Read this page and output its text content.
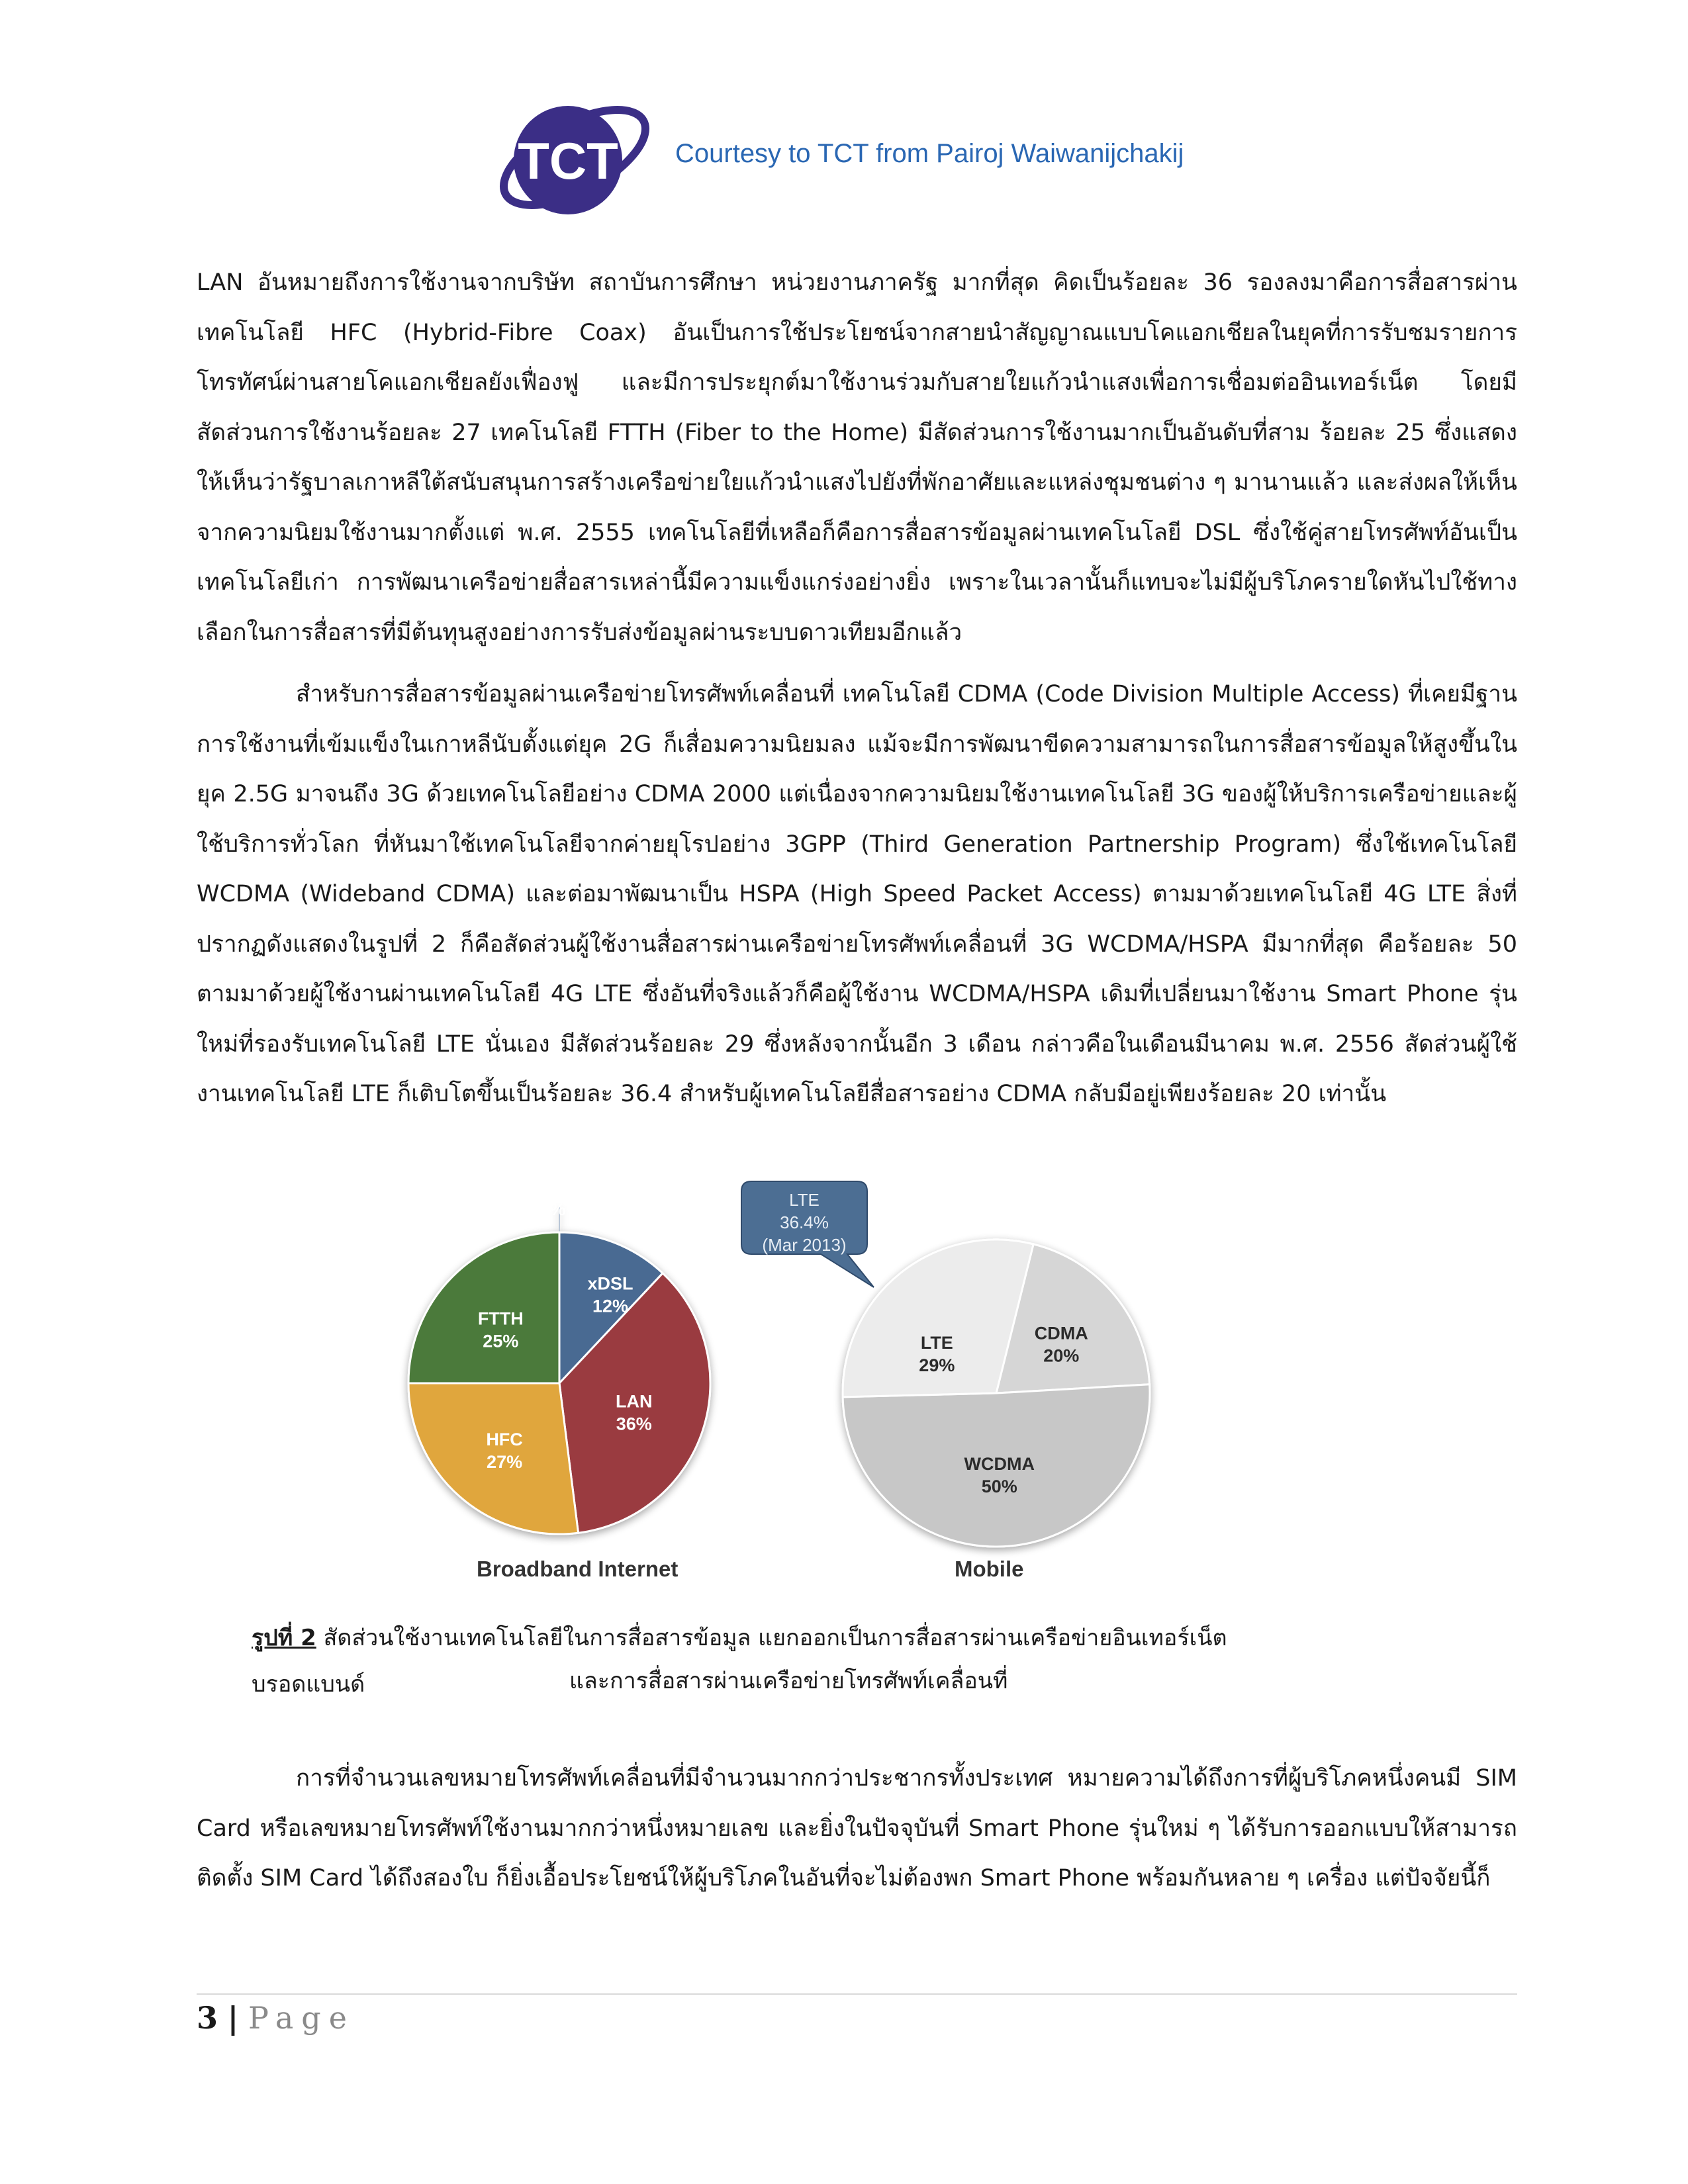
TCT Courtesy to TCT from Pairoj Waiwanijchakij

LAN อันหมายถึงการใช้งานจากบริษัท สถาบันการศึกษา หน่วยงานภาครัฐ มากที่สุด คิดเป็นร้อยละ 36 รองลงมาคือการสื่อสารผ่านเทคโนโลยี HFC (Hybrid-Fibre Coax) อันเป็นการใช้ประโยชน์จากสายนำสัญญาณแบบโคแอกเชียลในยุคที่การรับชมรายการโทรทัศน์ผ่านสายโคแอกเชียลยังเฟื่องฟู และมีการประยุกต์มาใช้งานร่วมกับสายใยแก้วนำแสงเพื่อการเชื่อมต่ออินเทอร์เน็ต โดยมีสัดส่วนการใช้งานร้อยละ 27 เทคโนโลยี FTTH (Fiber to the Home) มีสัดส่วนการใช้งานมากเป็นอันดับที่สาม ร้อยละ 25 ซึ่งแสดงให้เห็นว่ารัฐบาลเกาหลีใต้สนับสนุนการสร้างเครือข่ายใยแก้วนำแสงไปยังที่พักอาศัยและแหล่งชุมชนต่าง ๆ มานานแล้ว และส่งผลให้เห็นจากความนิยมใช้งานมากตั้งแต่ พ.ศ. 2555 เทคโนโลยีที่เหลือก็คือการสื่อสารข้อมูลผ่านเทคโนโลยี DSL ซึ่งใช้คู่สายโทรศัพท์อันเป็นเทคโนโลยีเก่า การพัฒนาเครือข่ายสื่อสารเหล่านี้มีความแข็งแกร่งอย่างยิ่ง เพราะในเวลานั้นก็แทบจะไม่มีผู้บริโภครายใดหันไปใช้ทางเลือกในการสื่อสารที่มีต้นทุนสูงอย่างการรับส่งข้อมูลผ่านระบบดาวเทียมอีกแล้ว

สำหรับการสื่อสารข้อมูลผ่านเครือข่ายโทรศัพท์เคลื่อนที่ เทคโนโลยี CDMA (Code Division Multiple Access) ที่เคยมีฐานการใช้งานที่เข้มแข็งในเกาหลีนับตั้งแต่ยุค 2G ก็เสื่อมความนิยมลง แม้จะมีการพัฒนาขีดความสามารถในการสื่อสารข้อมูลให้สูงขึ้นในยุค 2.5G มาจนถึง 3G ด้วยเทคโนโลยีอย่าง CDMA 2000 แต่เนื่องจากความนิยมใช้งานเทคโนโลยี 3G ของผู้ให้บริการเครือข่ายและผู้ใช้บริการทั่วโลก ที่หันมาใช้เทคโนโลยีจากค่ายยุโรปอย่าง 3GPP (Third Generation Partnership Program) ซึ่งใช้เทคโนโลยี WCDMA (Wideband CDMA) และต่อมาพัฒนาเป็น HSPA (High Speed Packet Access) ตามมาด้วยเทคโนโลยี 4G LTE สิ่งที่ปรากฏดังแสดงในรูปที่ 2 ก็คือสัดส่วนผู้ใช้งานสื่อสารผ่านเครือข่ายโทรศัพท์เคลื่อนที่ 3G WCDMA/HSPA มีมากที่สุด คือร้อยละ 50 ตามมาด้วยผู้ใช้งานผ่านเทคโนโลยี 4G LTE ซึ่งอันที่จริงแล้วก็คือผู้ใช้งาน WCDMA/HSPA เดิมที่เปลี่ยนมาใช้งาน Smart Phone รุ่นใหม่ที่รองรับเทคโนโลยี LTE นั่นเอง มีสัดส่วนร้อยละ 29 ซึ่งหลังจากนั้นอีก 3 เดือน กล่าวคือในเดือนมีนาคม พ.ศ. 2556 สัดส่วนผู้ใช้งานเทคโนโลยี LTE ก็เติบโตขึ้นเป็นร้อยละ 36.4 สำหรับผู้เทคโนโลยีสื่อสารอย่าง CDMA กลับมีอยู่เพียงร้อยละ 20 เท่านั้น

Satellite
0%
xDSL
12%
LAN
36%
HFC
27%
FTTH
25%	CDMA
20%
WCDMA
50%
LTE
29%
LTE
36.4%
(Mar 2013)
Broadband Internet	Mobile
รูปที่ 2 สัดส่วนใช้งานเทคโนโลยีในการสื่อสารข้อมูล แยกออกเป็นการสื่อสารผ่านเครือข่ายอินเทอร์เน็ตบรอดแบนด์	และการสื่อสารผ่านเครือข่ายโทรศัพท์เคลื่อนที่

การที่จำนวนเลขหมายโทรศัพท์เคลื่อนที่มีจำนวนมากกว่าประชากรทั้งประเทศ หมายความได้ถึงการที่ผู้บริโภคหนึ่งคนมี SIM Card หรือเลขหมายโทรศัพท์ใช้งานมากกว่าหนึ่งหมายเลข และยิ่งในปัจจุบันที่ Smart Phone รุ่นใหม่ ๆ ได้รับการออกแบบให้สามารถติดตั้ง SIM Card ได้ถึงสองใบ ก็ยิ่งเอื้อประโยชน์ให้ผู้บริโภคในอันที่จะไม่ต้องพก Smart Phone พร้อมกันหลาย ๆ เครื่อง แต่ปัจจัยนี้ก็

3 | Page
